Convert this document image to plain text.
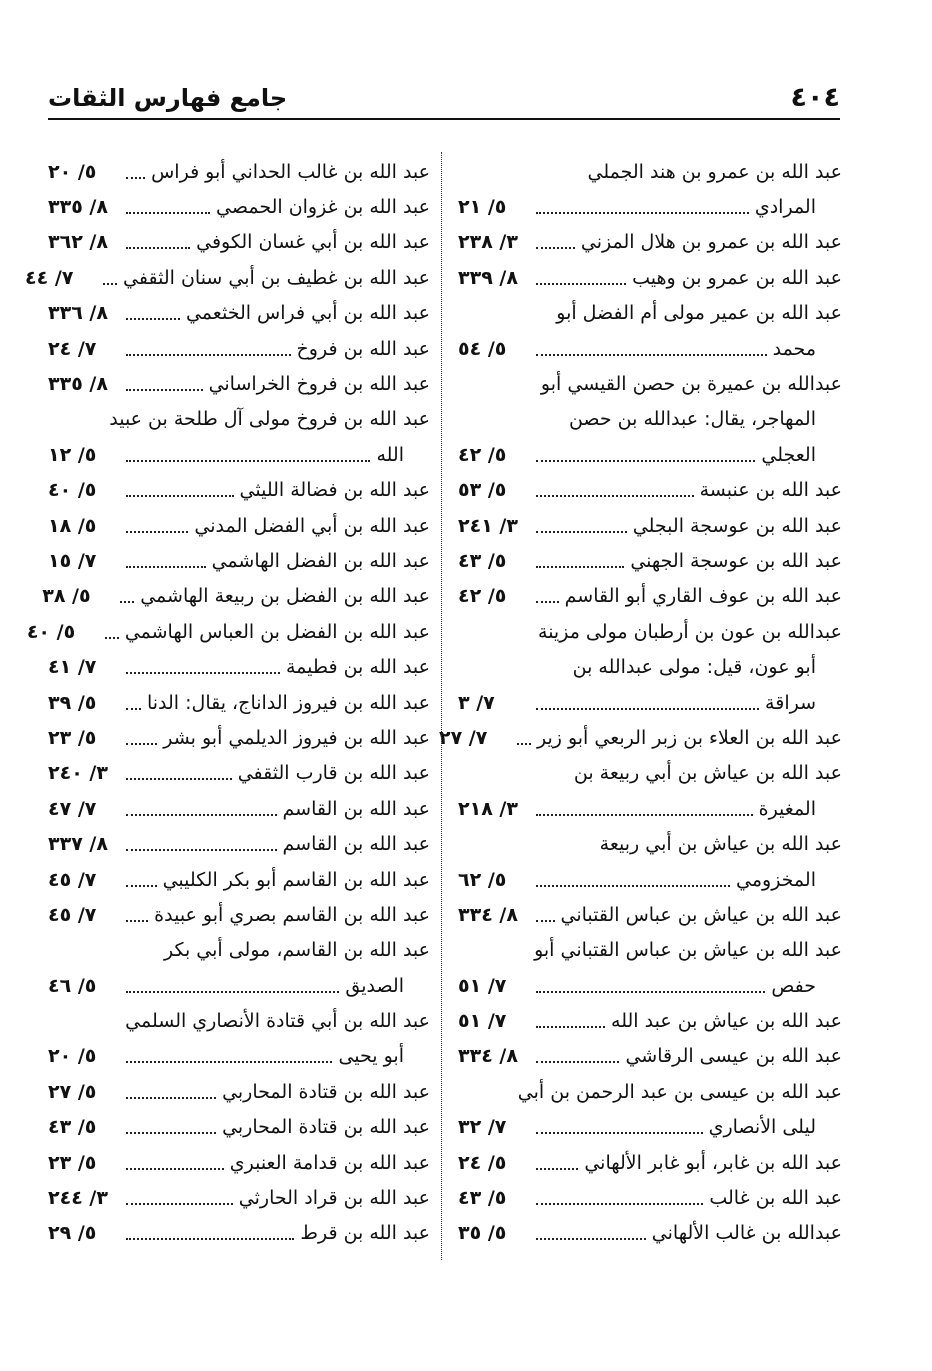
٤٠٤
جامع فهارس الثقات
عبد الله بن عمرو بن هند الجملي
المرادي
٥/ ٢١
عبد الله بن عمرو بن هلال المزني
٣/ ٢٣٨
عبد الله بن عمرو بن وهيب
٨/ ٣٣٩
عبد الله بن عمير مولى أم الفضل أبو
محمد
٥/ ٥٤
عبدالله بن عميرة بن حصن القيسي أبو
المهاجر، يقال: عبدالله بن حصن
العجلي
٥/ ٤٢
عبد الله بن عنبسة
٥/ ٥٣
عبد الله بن عوسجة البجلي
٣/ ٢٤١
عبد الله بن عوسجة الجهني
٥/ ٤٣
عبد الله بن عوف القاري أبو القاسم
٥/ ٤٢
عبدالله بن عون بن أرطبان مولى مزينة
أبو عون، قيل: مولى عبدالله بن
سراقة
٧/ ٣
عبد الله بن العلاء بن زبر الربعي أبو زير
٧/ ٢٧
عبد الله بن عياش بن أبي ربيعة بن
المغيرة
٣/ ٢١٨
عبد الله بن عياش بن أبي ربيعة
المخزومي
٥/ ٦٢
عبد الله بن عياش بن عباس القتباني
٨/ ٣٣٤
عبد الله بن عياش بن عباس القتباني أبو
حفص
٧/ ٥١
عبد الله بن عياش بن عبد الله
٧/ ٥١
عبد الله بن عيسى الرقاشي
٨/ ٣٣٤
عبد الله بن عيسى بن عبد الرحمن بن أبي
ليلى الأنصاري
٧/ ٣٢
عبد الله بن غابر، أبو غابر الألهاني
٥/ ٢٤
عبد الله بن غالب
٥/ ٤٣
عبدالله بن غالب الألهاني
٥/ ٣٥
عبد الله بن غالب الحداني أبو فراس
٥/ ٢٠
عبد الله بن غزوان الحمصي
٨/ ٣٣٥
عبد الله بن أبي غسان الكوفي
٨/ ٣٦٢
عبد الله بن غطيف بن أبي سنان الثقفي
٧/ ٤٤
عبد الله بن أبي فراس الخثعمي
٨/ ٣٣٦
عبد الله بن فروخ
٧/ ٢٤
عبد الله بن فروخ الخراساني
٨/ ٣٣٥
عبد الله بن فروخ مولى آل طلحة بن عبيد
الله
٥/ ١٢
عبد الله بن فضالة الليثي
٥/ ٤٠
عبد الله بن أبي الفضل المدني
٥/ ١٨
عبد الله بن الفضل الهاشمي
٧/ ١٥
عبد الله بن الفضل بن ربيعة الهاشمي
٥/ ٣٨
عبد الله بن الفضل بن العباس الهاشمي
٥/ ٤٠
عبد الله بن فطيمة
٧/ ٤١
عبد الله بن فيروز الداناج، يقال: الدنا
٥/ ٣٩
عبد الله بن فيروز الديلمي أبو بشر
٥/ ٢٣
عبد الله بن قارب الثقفي
٣/ ٢٤٠
عبد الله بن القاسم
٧/ ٤٧
عبد الله بن القاسم
٨/ ٣٣٧
عبد الله بن القاسم أبو بكر الكليبي
٧/ ٤٥
عبد الله بن القاسم بصري أبو عبيدة
٧/ ٤٥
عبد الله بن القاسم، مولى أبي بكر
الصديق
٥/ ٤٦
عبد الله بن أبي قتادة الأنصاري السلمي
أبو يحيى
٥/ ٢٠
عبد الله بن قتادة المحاربي
٥/ ٢٧
عبد الله بن قتادة المحاربي
٥/ ٤٣
عبد الله بن قدامة العنبري
٥/ ٢٣
عبد الله بن قراد الحارثي
٣/ ٢٤٤
عبد الله بن قرط
٥/ ٢٩
